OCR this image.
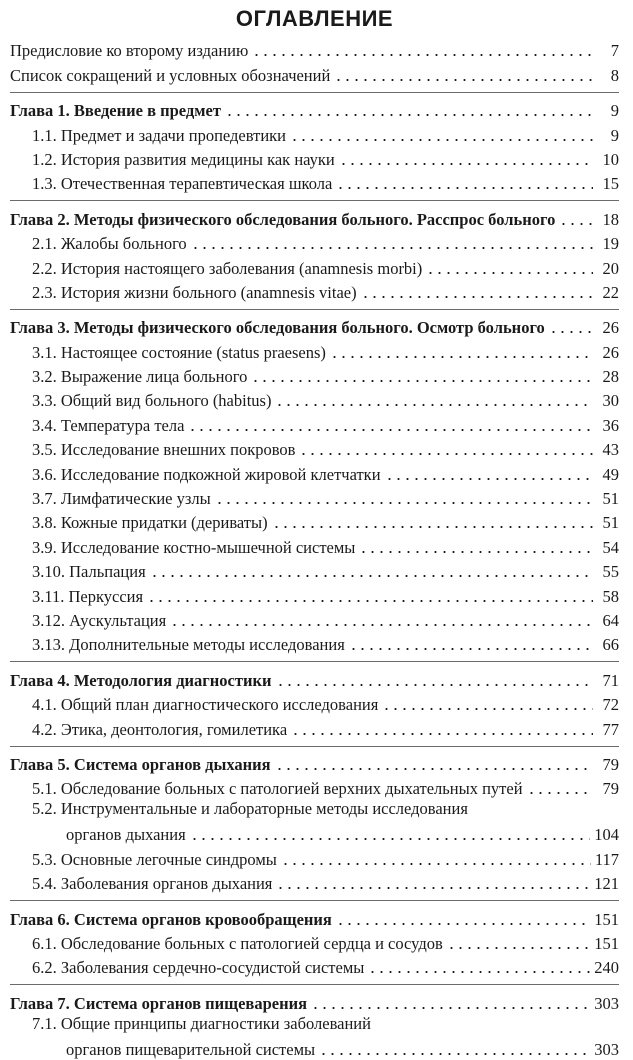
ОГЛАВЛЕНИЕ
Предисловие ко второму изданию	7
Список сокращений и условных обозначений	8
Глава 1. Введение в предмет	9
1.1. Предмет и задачи пропедевтики	9
1.2. История развития медицины как науки	10
1.3. Отечественная терапевтическая школа	15
Глава 2. Методы физического обследования больного. Расспрос больного	18
2.1. Жалобы больного	19
2.2. История настоящего заболевания (anamnesis morbi)	20
2.3. История жизни больного (anamnesis vitae)	22
Глава 3. Методы физического обследования больного. Осмотр больного	26
3.1. Настоящее состояние (status praesens)	26
3.2. Выражение лица больного	28
3.3. Общий вид больного (habitus)	30
3.4. Температура тела	36
3.5. Исследование внешних покровов	43
3.6. Исследование подкожной жировой клетчатки	49
3.7. Лимфатические узлы	51
3.8. Кожные придатки (дериваты)	51
3.9. Исследование костно-мышечной системы	54
3.10. Пальпация	55
3.11. Перкуссия	58
3.12. Аускультация	64
3.13. Дополнительные методы исследования	66
Глава 4. Методология диагностики	71
4.1. Общий план диагностического исследования	72
4.2. Этика, деонтология, гомилетика	77
Глава 5. Система органов дыхания	79
5.1. Обследование больных с патологией верхних дыхательных путей	79
5.2. Инструментальные и лабораторные методы исследования
органов дыхания	104
5.3. Основные легочные синдромы	117
5.4. Заболевания органов дыхания	121
Глава 6. Система органов кровообращения	151
6.1. Обследование больных с патологией сердца и сосудов	151
6.2. Заболевания сердечно-сосудистой системы	240
Глава 7. Система органов пищеварения	303
7.1. Общие принципы диагностики заболеваний
органов пищеварительной системы	303
